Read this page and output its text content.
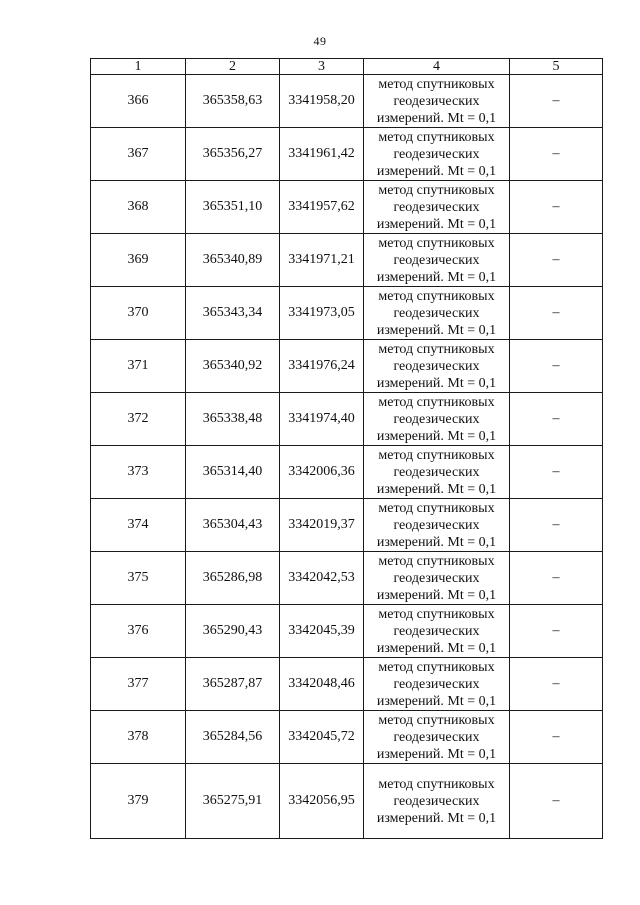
49
1	2	3	4	5
366	365358,63	3341958,20	метод спутниковых
геодезических
измерений. Mt = 0,1	–
367	365356,27	3341961,42	метод спутниковых
геодезических
измерений. Mt = 0,1	–
368	365351,10	3341957,62	метод спутниковых
геодезических
измерений. Mt = 0,1	–
369	365340,89	3341971,21	метод спутниковых
геодезических
измерений. Mt = 0,1	–
370	365343,34	3341973,05	метод спутниковых
геодезических
измерений. Mt = 0,1	–
371	365340,92	3341976,24	метод спутниковых
геодезических
измерений. Mt = 0,1	–
372	365338,48	3341974,40	метод спутниковых
геодезических
измерений. Mt = 0,1	–
373	365314,40	3342006,36	метод спутниковых
геодезических
измерений. Mt = 0,1	–
374	365304,43	3342019,37	метод спутниковых
геодезических
измерений. Mt = 0,1	–
375	365286,98	3342042,53	метод спутниковых
геодезических
измерений. Mt = 0,1	–
376	365290,43	3342045,39	метод спутниковых
геодезических
измерений. Mt = 0,1	–
377	365287,87	3342048,46	метод спутниковых
геодезических
измерений. Mt = 0,1	–
378	365284,56	3342045,72	метод спутниковых
геодезических
измерений. Mt = 0,1	–
379	365275,91	3342056,95	метод спутниковых
геодезических
измерений. Mt = 0,1	–
